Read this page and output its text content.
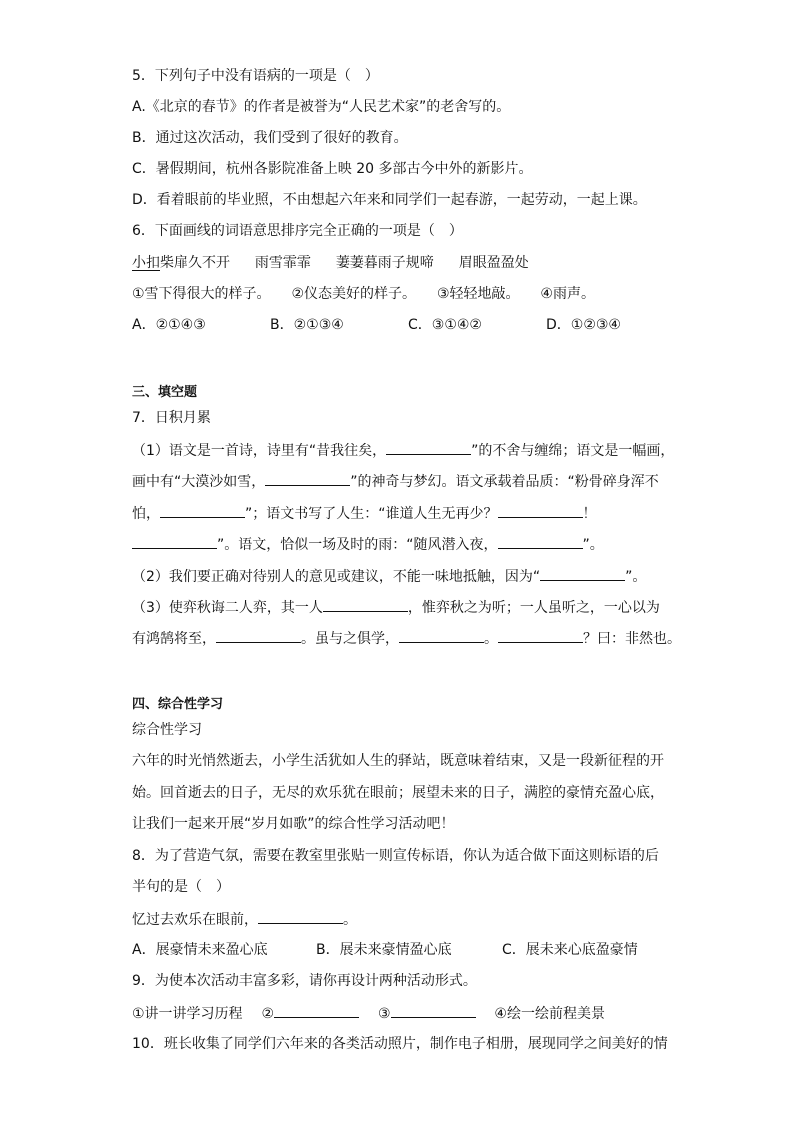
5．下列句子中没有语病的一项是（　）
A.《北京的春节》的作者是被誉为“人民艺术家”的老舍写的。
B．通过这次活动，我们受到了很好的教育。
C．暑假期间，杭州各影院准备上映 20 多部古今中外的新影片。
D．看着眼前的毕业照，不由想起六年来和同学们一起春游，一起劳动，一起上课。
6．下面画线的词语意思排序完全正确的一项是（　）
小扣柴扉久不开 雨雪霏霏 萋萋暮雨子规啼 眉眼盈盈处
①雪下得很大的样子。 ②仪态美好的样子。 ③轻轻地敲。 ④雨声。
A．②①④③	B．②①③④	C．③①④②	D．①②③④
三、填空题
7．日积月累
（1）语文是一首诗，诗里有“昔我往矣，	”的不舍与缠绵；语文是一幅画，
画中有“大漠沙如雪，	”的神奇与梦幻。语文承载着品质：“粉骨碎身浑不
怕，	”；语文书写了人生：“谁道人生无再少？	！
”。语文，恰似一场及时的雨：“随风潜入夜，	”。
（2）我们要正确对待别人的意见或建议，不能一味地抵触，因为“	”。
（3）使弈秋诲二人弈，其一人	，惟弈秋之为听；一人虽听之，一心以为
有鸿鹄将至，	。虽与之俱学，	。	？曰：非然也。
四、综合性学习
综合性学习
六年的时光悄然逝去，小学生活犹如人生的驿站，既意味着结束，又是一段新征程的开
始。回首逝去的日子，无尽的欢乐犹在眼前；展望未来的日子，满腔的豪情充盈心底，
让我们一起来开展“岁月如歌”的综合性学习活动吧！
8．为了营造气氛，需要在教室里张贴一则宣传标语，你认为适合做下面这则标语的后
半句的是（　）
忆过去欢乐在眼前，	。
A．展豪情未来盈心底	B．展未来豪情盈心底	C．展未来心底盈豪情
9．为使本次活动丰富多彩，请你再设计两种活动形式。
①讲一讲学习历程 ②	③	④绘一绘前程美景
10．班长收集了同学们六年来的各类活动照片，制作电子相册，展现同学之间美好的情
